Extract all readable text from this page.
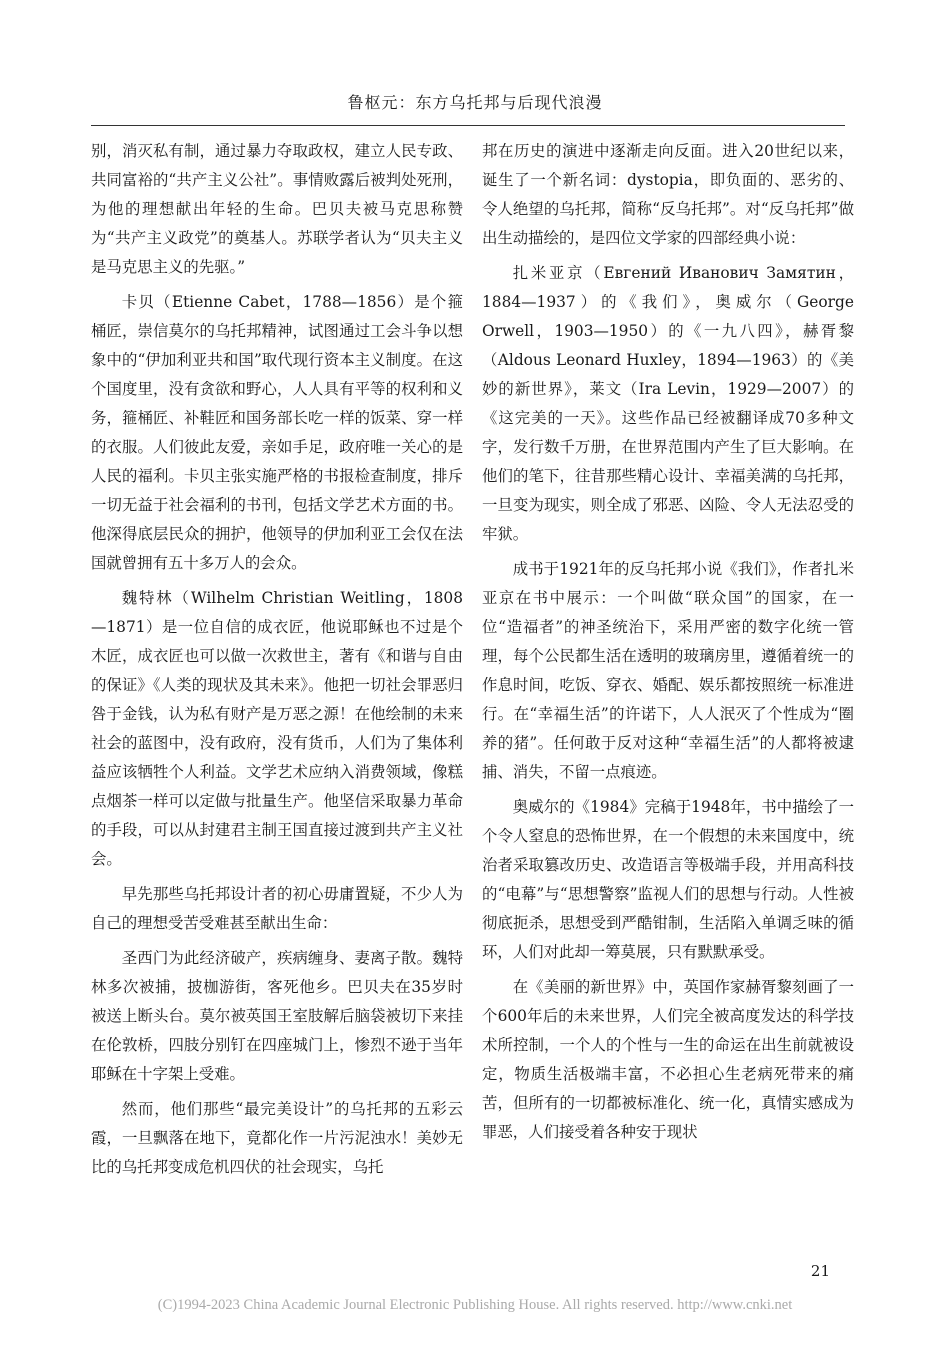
鲁枢元：东方乌托邦与后现代浪漫

别，消灭私有制，通过暴力夺取政权，建立人民专政、共同富裕的“共产主义公社”。事情败露后被判处死刑，为他的理想献出年轻的生命。巴贝夫被马克思称赞为“共产主义政党”的奠基人。苏联学者认为“贝夫主义是马克思主义的先驱。”

卡贝（Etienne Cabet，1788—1856）是个箍桶匠，崇信莫尔的乌托邦精神，试图通过工会斗争以想象中的“伊加利亚共和国”取代现行资本主义制度。在这个国度里，没有贪欲和野心，人人具有平等的权利和义务，箍桶匠、补鞋匠和国务部长吃一样的饭菜、穿一样的衣服。人们彼此友爱，亲如手足，政府唯一关心的是人民的福利。卡贝主张实施严格的书报检查制度，排斥一切无益于社会福利的书刊，包括文学艺术方面的书。他深得底层民众的拥护，他领导的伊加利亚工会仅在法国就曾拥有五十多万人的会众。

魏特林（Wilhelm Christian Weitling，1808—1871）是一位自信的成衣匠，他说耶稣也不过是个木匠，成衣匠也可以做一次救世主，著有《和谐与自由的保证》《人类的现状及其未来》。他把一切社会罪恶归咎于金钱，认为私有财产是万恶之源！在他绘制的未来社会的蓝图中，没有政府，没有货币，人们为了集体利益应该牺牲个人利益。文学艺术应纳入消费领域，像糕点烟茶一样可以定做与批量生产。他坚信采取暴力革命的手段，可以从封建君主制王国直接过渡到共产主义社会。

早先那些乌托邦设计者的初心毋庸置疑，不少人为自己的理想受苦受难甚至献出生命：

圣西门为此经济破产，疾病缠身、妻离子散。魏特林多次被捕，披枷游街，客死他乡。巴贝夫在35岁时被送上断头台。莫尔被英国王室肢解后脑袋被切下来挂在伦敦桥，四肢分别钉在四座城门上，惨烈不逊于当年耶稣在十字架上受难。

然而，他们那些“最完美设计”的乌托邦的五彩云霞，一旦飘落在地下，竟都化作一片污泥浊水！美妙无比的乌托邦变成危机四伏的社会现实，乌托

邦在历史的演进中逐渐走向反面。进入20世纪以来，诞生了一个新名词：dystopia，即负面的、恶劣的、令人绝望的乌托邦，简称“反乌托邦”。对“反乌托邦”做出生动描绘的，是四位文学家的四部经典小说：

扎米亚京（Евгений Иванович Замятин，1884—1937）的《我们》，奥威尔（George Orwell，1903—1950）的《一九八四》，赫胥黎（Aldous Leonard Huxley，1894—1963）的《美妙的新世界》，莱文（Ira Levin，1929—2007）的《这完美的一天》。这些作品已经被翻译成70多种文字，发行数千万册，在世界范围内产生了巨大影响。在他们的笔下，往昔那些精心设计、幸福美满的乌托邦，一旦变为现实，则全成了邪恶、凶险、令人无法忍受的牢狱。

成书于1921年的反乌托邦小说《我们》，作者扎米亚京在书中展示：一个叫做“联众国”的国家，在一位“造福者”的神圣统治下，采用严密的数字化统一管理，每个公民都生活在透明的玻璃房里，遵循着统一的作息时间，吃饭、穿衣、婚配、娱乐都按照统一标准进行。在“幸福生活”的许诺下，人人泯灭了个性成为“圈养的猪”。任何敢于反对这种“幸福生活”的人都将被逮捕、消失，不留一点痕迹。

奥威尔的《1984》完稿于1948年，书中描绘了一个令人窒息的恐怖世界，在一个假想的未来国度中，统治者采取篡改历史、改造语言等极端手段，并用高科技的“电幕”与“思想警察”监视人们的思想与行动。人性被彻底扼杀，思想受到严酷钳制，生活陷入单调乏味的循环，人们对此却一筹莫展，只有默默承受。

在《美丽的新世界》中，英国作家赫胥黎刻画了一个600年后的未来世界，人们完全被高度发达的科学技术所控制，一个人的个性与一生的命运在出生前就被设定，物质生活极端丰富，不必担心生老病死带来的痛苦，但所有的一切都被标准化、统一化，真情实感成为罪恶，人们接受着各种安于现状

21
(C)1994-2023 China Academic Journal Electronic Publishing House. All rights reserved. http://www.cnki.net
